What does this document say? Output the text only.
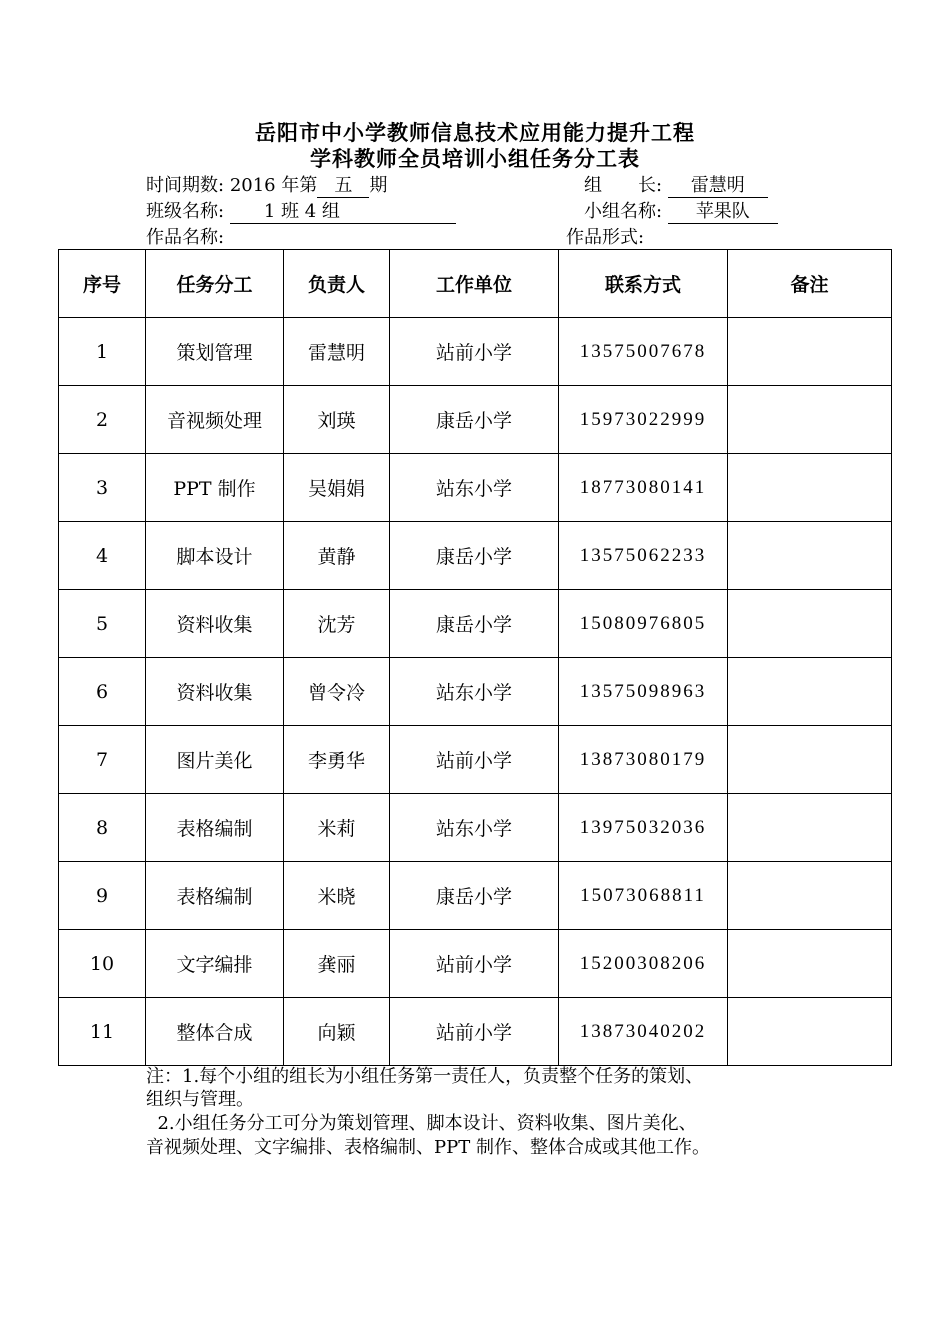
岳阳市中小学教师信息技术应用能力提升工程
学科教师全员培训小组任务分工表
时间期数: 2016 年第 五 期	组　　长: 雷慧明
班级名称: 1 班 4 组	小组名称: 苹果队
作品名称:	作品形式:
序号	任务分工	负责人	工作单位	联系方式	备注
1	策划管理	雷慧明	站前小学	13575007678	
2	音视频处理	刘瑛	康岳小学	15973022999	
3	PPT 制作	吴娟娟	站东小学	18773080141	
4	脚本设计	黄静	康岳小学	13575062233	
5	资料收集	沈芳	康岳小学	15080976805	
6	资料收集	曾令冷	站东小学	13575098963	
7	图片美化	李勇华	站前小学	13873080179	
8	表格编制	米莉	站东小学	13975032036	
9	表格编制	米晓	康岳小学	15073068811	
10	文字编排	龚丽	站前小学	15200308206	
11	整体合成	向颖	站前小学	13873040202	
注：1.每个小组的组长为小组任务第一责任人，负责整个任务的策划、
组织与管理。
2.小组任务分工可分为策划管理、脚本设计、资料收集、图片美化、
音视频处理、文字编排、表格编制、PPT 制作、整体合成或其他工作。
